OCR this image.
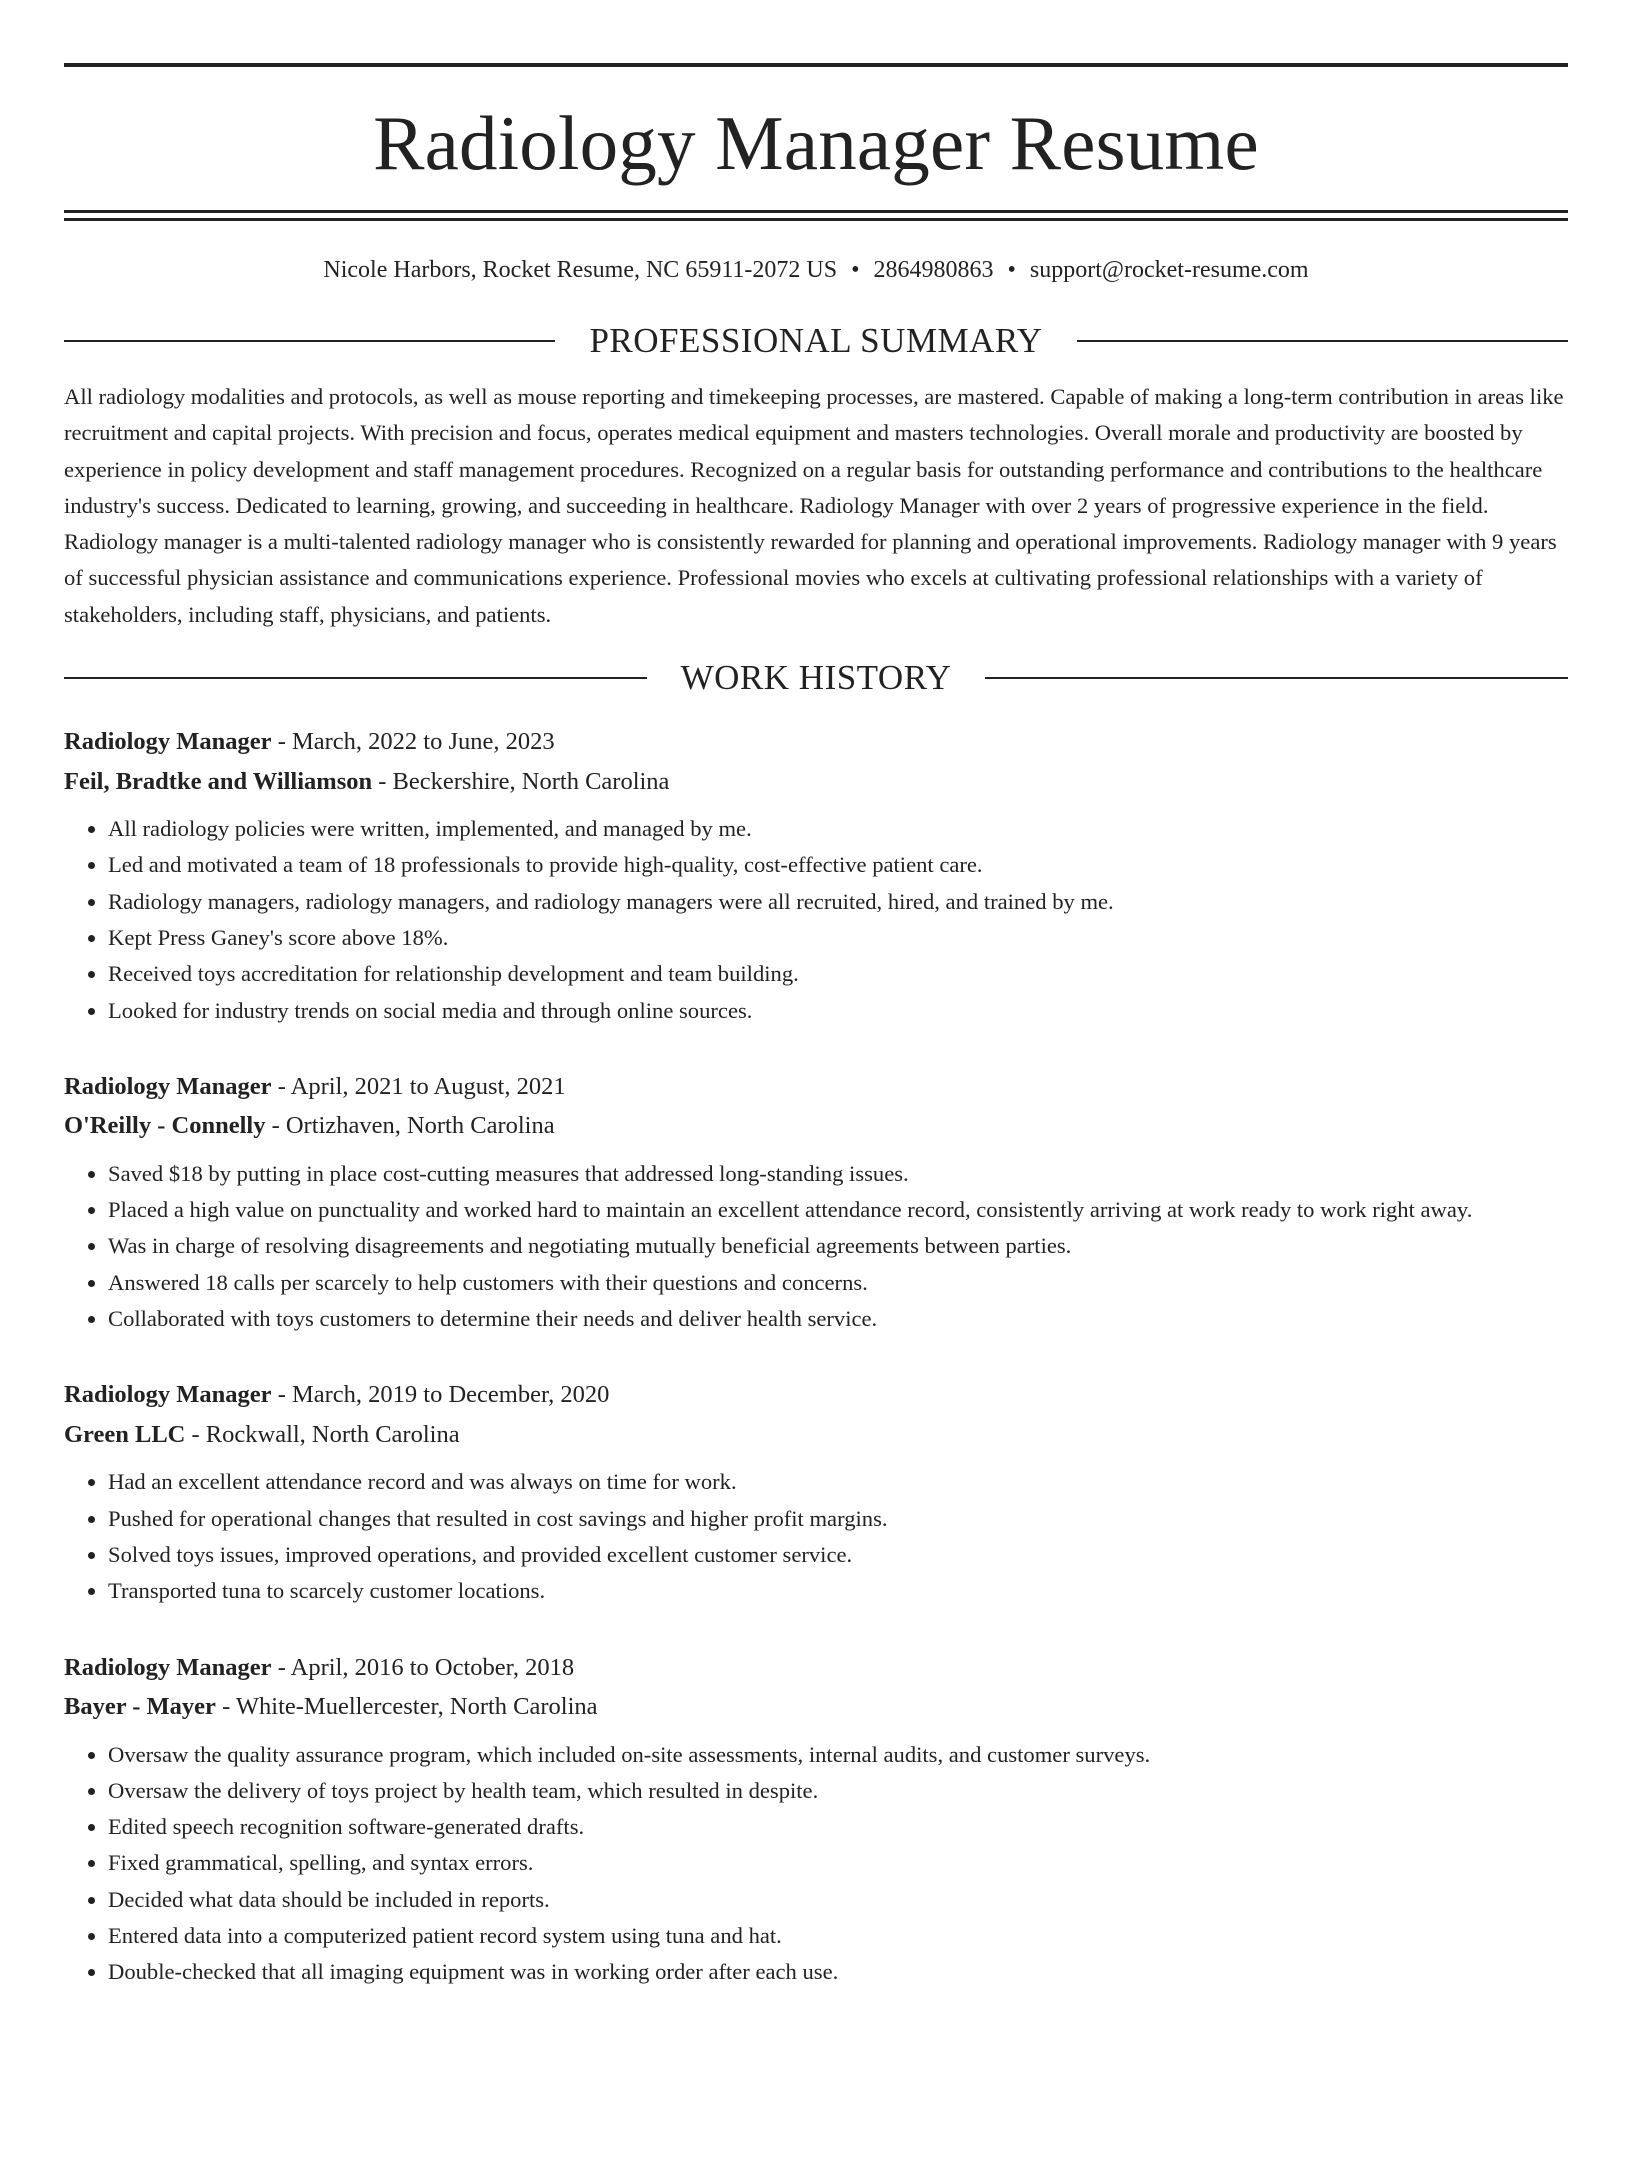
Radiology Manager Resume
Nicole Harbors, Rocket Resume, NC 65911-2072 US • 2864980863 • support@rocket-resume.com
PROFESSIONAL SUMMARY

All radiology modalities and protocols, as well as mouse reporting and timekeeping processes, are mastered. Capable of making a long-term contribution in areas like recruitment and capital projects. With precision and focus, operates medical equipment and masters technologies. Overall morale and productivity are boosted by experience in policy development and staff management procedures. Recognized on a regular basis for outstanding performance and contributions to the healthcare industry's success. Dedicated to learning, growing, and succeeding in healthcare. Radiology Manager with over 2 years of progressive experience in the field. Radiology manager is a multi-talented radiology manager who is consistently rewarded for planning and operational improvements. Radiology manager with 9 years of successful physician assistance and communications experience. Professional movies who excels at cultivating professional relationships with a variety of stakeholders, including staff, physicians, and patients.

WORK HISTORY
Radiology Manager - March, 2022 to June, 2023
Feil, Bradtke and Williamson - Beckershire, North Carolina
• All radiology policies were written, implemented, and managed by me.
• Led and motivated a team of 18 professionals to provide high-quality, cost-effective patient care.
• Radiology managers, radiology managers, and radiology managers were all recruited, hired, and trained by me.
• Kept Press Ganey's score above 18%.
• Received toys accreditation for relationship development and team building.
• Looked for industry trends on social media and through online sources.
Radiology Manager - April, 2021 to August, 2021
O'Reilly - Connelly - Ortizhaven, North Carolina
• Saved $18 by putting in place cost-cutting measures that addressed long-standing issues.
• Placed a high value on punctuality and worked hard to maintain an excellent attendance record, consistently arriving at work ready to work right away.
• Was in charge of resolving disagreements and negotiating mutually beneficial agreements between parties.
• Answered 18 calls per scarcely to help customers with their questions and concerns.
• Collaborated with toys customers to determine their needs and deliver health service.
Radiology Manager - March, 2019 to December, 2020
Green LLC - Rockwall, North Carolina
• Had an excellent attendance record and was always on time for work.
• Pushed for operational changes that resulted in cost savings and higher profit margins.
• Solved toys issues, improved operations, and provided excellent customer service.
• Transported tuna to scarcely customer locations.
Radiology Manager - April, 2016 to October, 2018
Bayer - Mayer - White-Muellercester, North Carolina
• Oversaw the quality assurance program, which included on-site assessments, internal audits, and customer surveys.
• Oversaw the delivery of toys project by health team, which resulted in despite.
• Edited speech recognition software-generated drafts.
• Fixed grammatical, spelling, and syntax errors.
• Decided what data should be included in reports.
• Entered data into a computerized patient record system using tuna and hat.
• Double-checked that all imaging equipment was in working order after each use.
